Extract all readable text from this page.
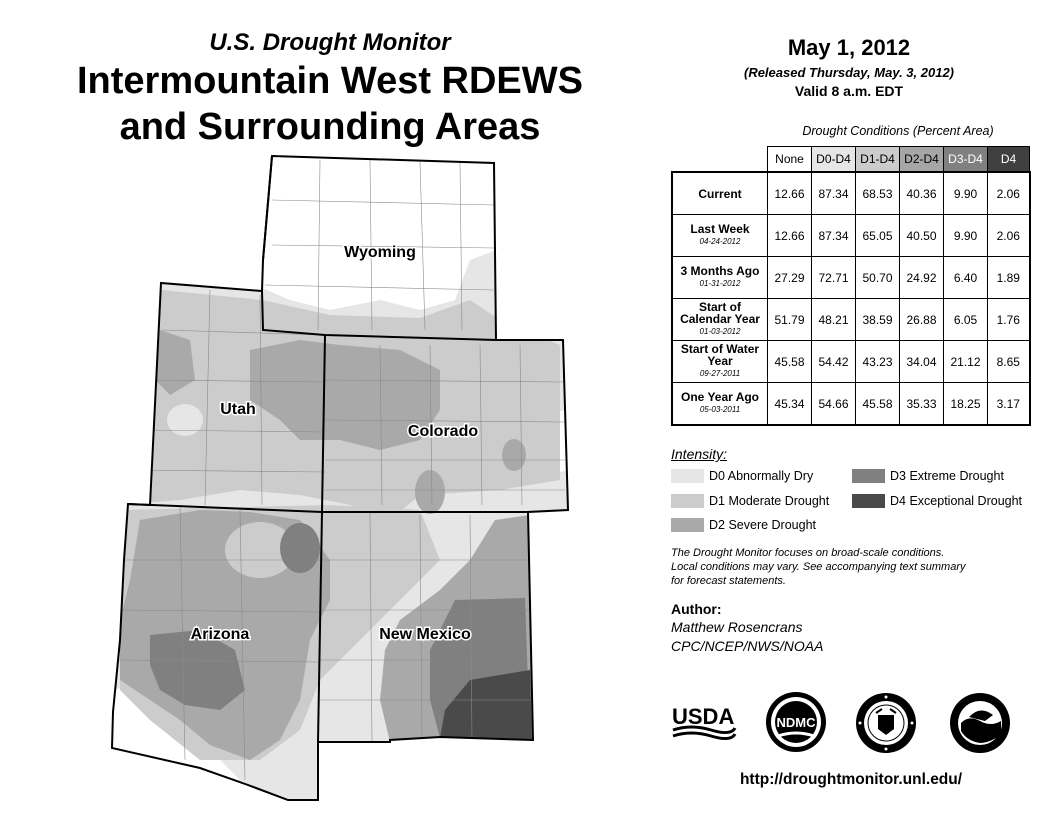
U.S. Drought Monitor
Intermountain West RDEWS
and Surrounding Areas
Wyoming
Utah
Colorado
Arizona	New Mexico
May 1, 2012
(Released Thursday, May. 3, 2012)
Valid 8 a.m. EDT
Drought Conditions (Percent Area)
	None	D0-D4	D1-D4	D2-D4	D3-D4	D4
Current	12.66	87.34	68.53	40.36	9.90	2.06
Last Week
04-24-2012	12.66	87.34	65.05	40.50	9.90	2.06
3 Months Ago
01-31-2012	27.29	72.71	50.70	24.92	6.40	1.89
Start of Calendar Year
01-03-2012	51.79	48.21	38.59	26.88	6.05	1.76
Start of Water Year
09-27-2011	45.58	54.42	43.23	34.04	21.12	8.65
One Year Ago
05-03-2011	45.34	54.66	45.58	35.33	18.25	3.17
Intensity:
D0 Abnormally Dry
D1 Moderate Drought
D2 Severe Drought
D3 Extreme Drought
D4 Exceptional Drought
The Drought Monitor focuses on broad-scale conditions.
Local conditions may vary. See accompanying text summary
for forecast statements.
Author:
Matthew Rosencrans
CPC/NCEP/NWS/NOAA
USDA	NDMC
http://droughtmonitor.unl.edu/
